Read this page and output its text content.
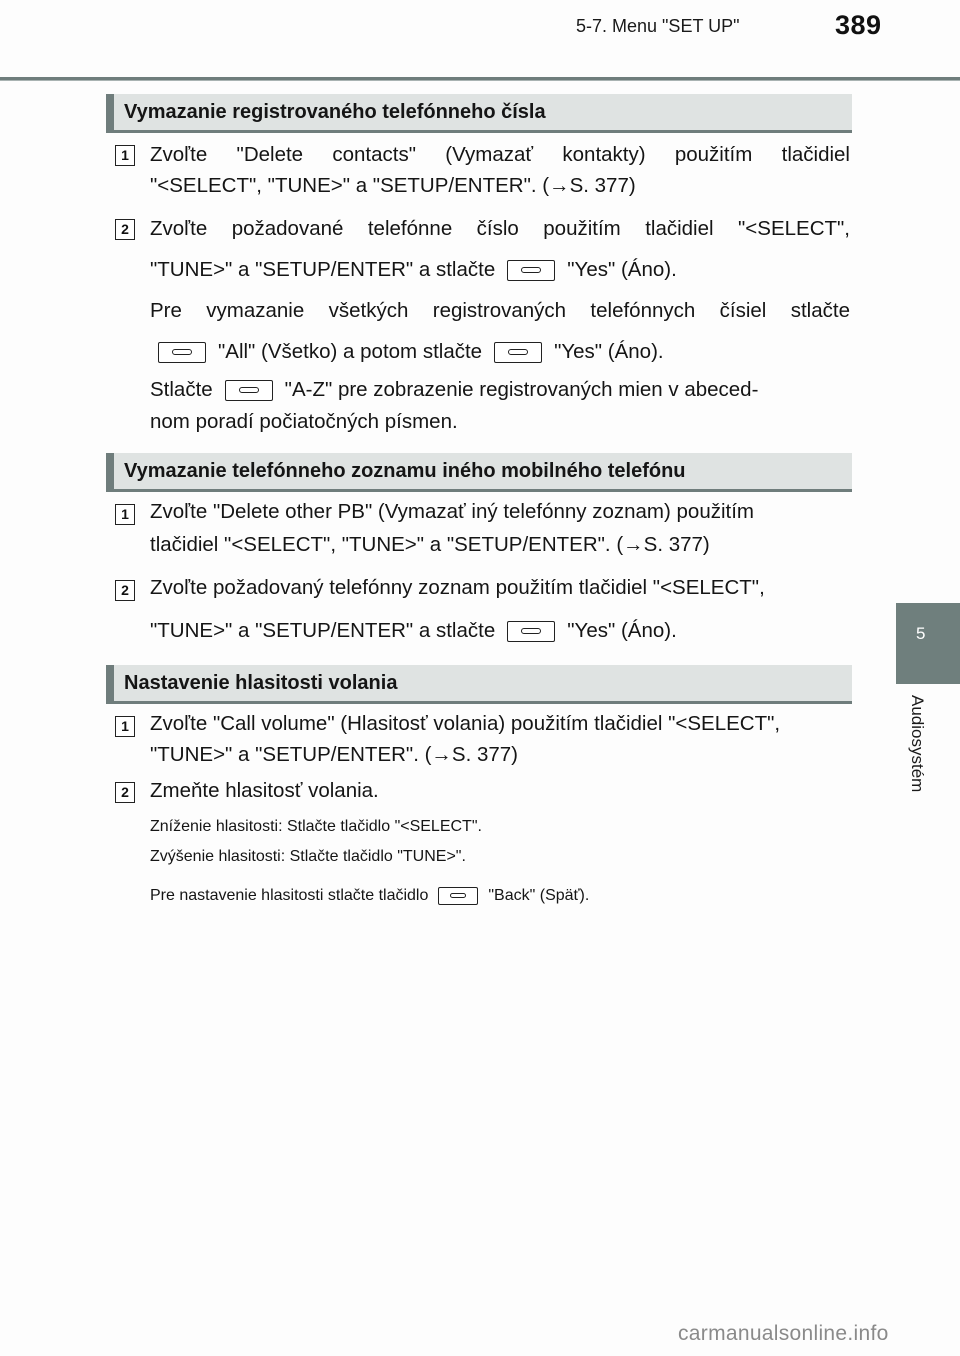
5-7. Menu "SET UP"	389
5
Audiosystém
Vymazanie registrovaného telefónneho čísla
1 Zvoľte "Delete contacts" (Vymazať kontakty) použitím tlačidiel
"<SELECT", "TUNE>" a "SETUP/ENTER". (→S. 377)
2 Zvoľte požadované telefónne číslo použitím tlačidiel "<SELECT",
"TUNE>" a "SETUP/ENTER" a stlačte	"Yes" (Áno).
Pre vymazanie všetkých registrovaných telefónnych čísiel stlačte
"All" (Všetko) a potom stlačte	"Yes" (Áno).
Stlačte	"A-Z" pre zobrazenie registrovaných mien v abeced-
nom poradí počiatočných písmen.
Vymazanie telefónneho zoznamu iného mobilného telefónu
1 Zvoľte "Delete other PB" (Vymazať iný telefónny zoznam) použitím
tlačidiel "<SELECT", "TUNE>" a "SETUP/ENTER". (→S. 377)
2 Zvoľte požadovaný telefónny zoznam použitím tlačidiel "<SELECT",
"TUNE>" a "SETUP/ENTER" a stlačte	"Yes" (Áno).
Nastavenie hlasitosti volania
1 Zvoľte "Call volume" (Hlasitosť volania) použitím tlačidiel "<SELECT",
"TUNE>" a "SETUP/ENTER". (→S. 377)
2 Zmeňte hlasitosť volania.
Zníženie hlasitosti: Stlačte tlačidlo "<SELECT".
Zvýšenie hlasitosti: Stlačte tlačidlo "TUNE>".
Pre nastavenie hlasitosti stlačte tlačidlo	"Back" (Späť).
carmanualsonline.info
